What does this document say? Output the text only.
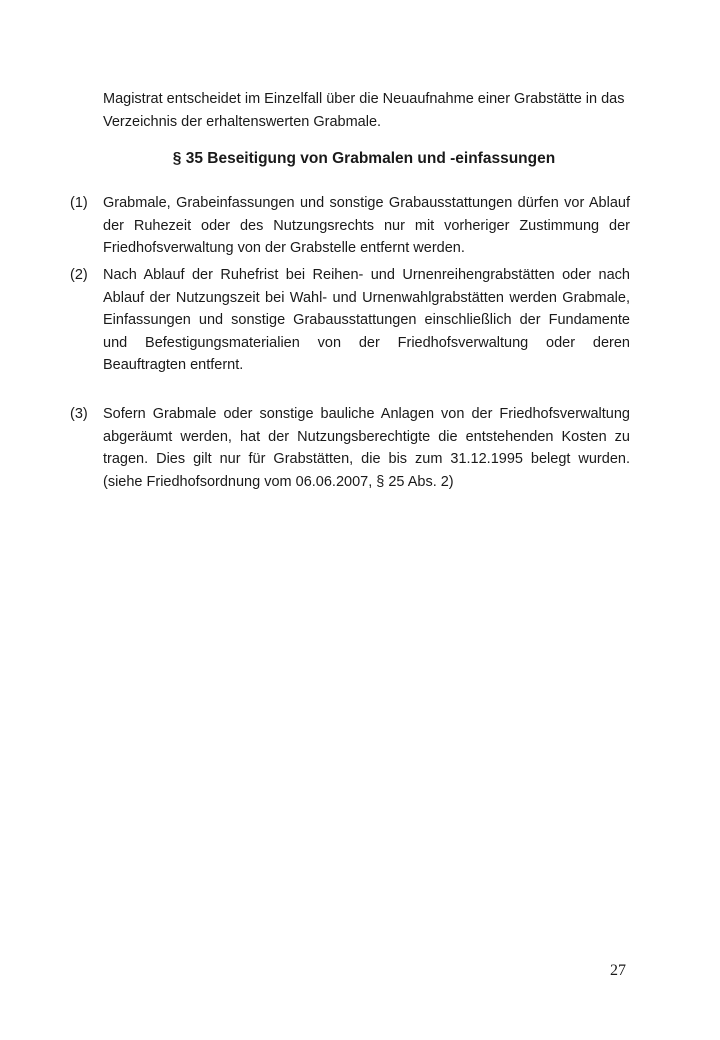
Magistrat entscheidet im Einzelfall über die Neuaufnahme einer Grabstätte in das Verzeichnis der erhaltenswerten Grabmale.

§ 35 Beseitigung von Grabmalen und -einfassungen
(1)	Grabmale, Grabeinfassungen und sonstige Grabausstattungen dürfen vor Ablauf der Ruhezeit oder des Nutzungsrechts nur mit vorheriger Zustimmung der Friedhofsverwaltung von der Grabstelle entfernt werden.
(2)	Nach Ablauf der Ruhefrist bei Reihen- und Urnenreihengrabstätten oder nach Ablauf der Nutzungszeit bei Wahl- und Urnenwahlgrabstätten werden Grabmale, Einfassungen und sonstige Grabausstattungen einschließlich der Fundamente und Befestigungsmaterialien von der Friedhofsverwaltung oder deren Beauftragten entfernt.
(3)	Sofern Grabmale oder sonstige bauliche Anlagen von der Friedhofsverwaltung abgeräumt werden, hat der Nutzungsberechtigte die entstehenden Kosten zu tragen. Dies gilt nur für Grabstätten, die bis zum 31.12.1995 belegt wurden. (siehe Friedhofsordnung vom 06.06.2007, § 25 Abs. 2)

27
